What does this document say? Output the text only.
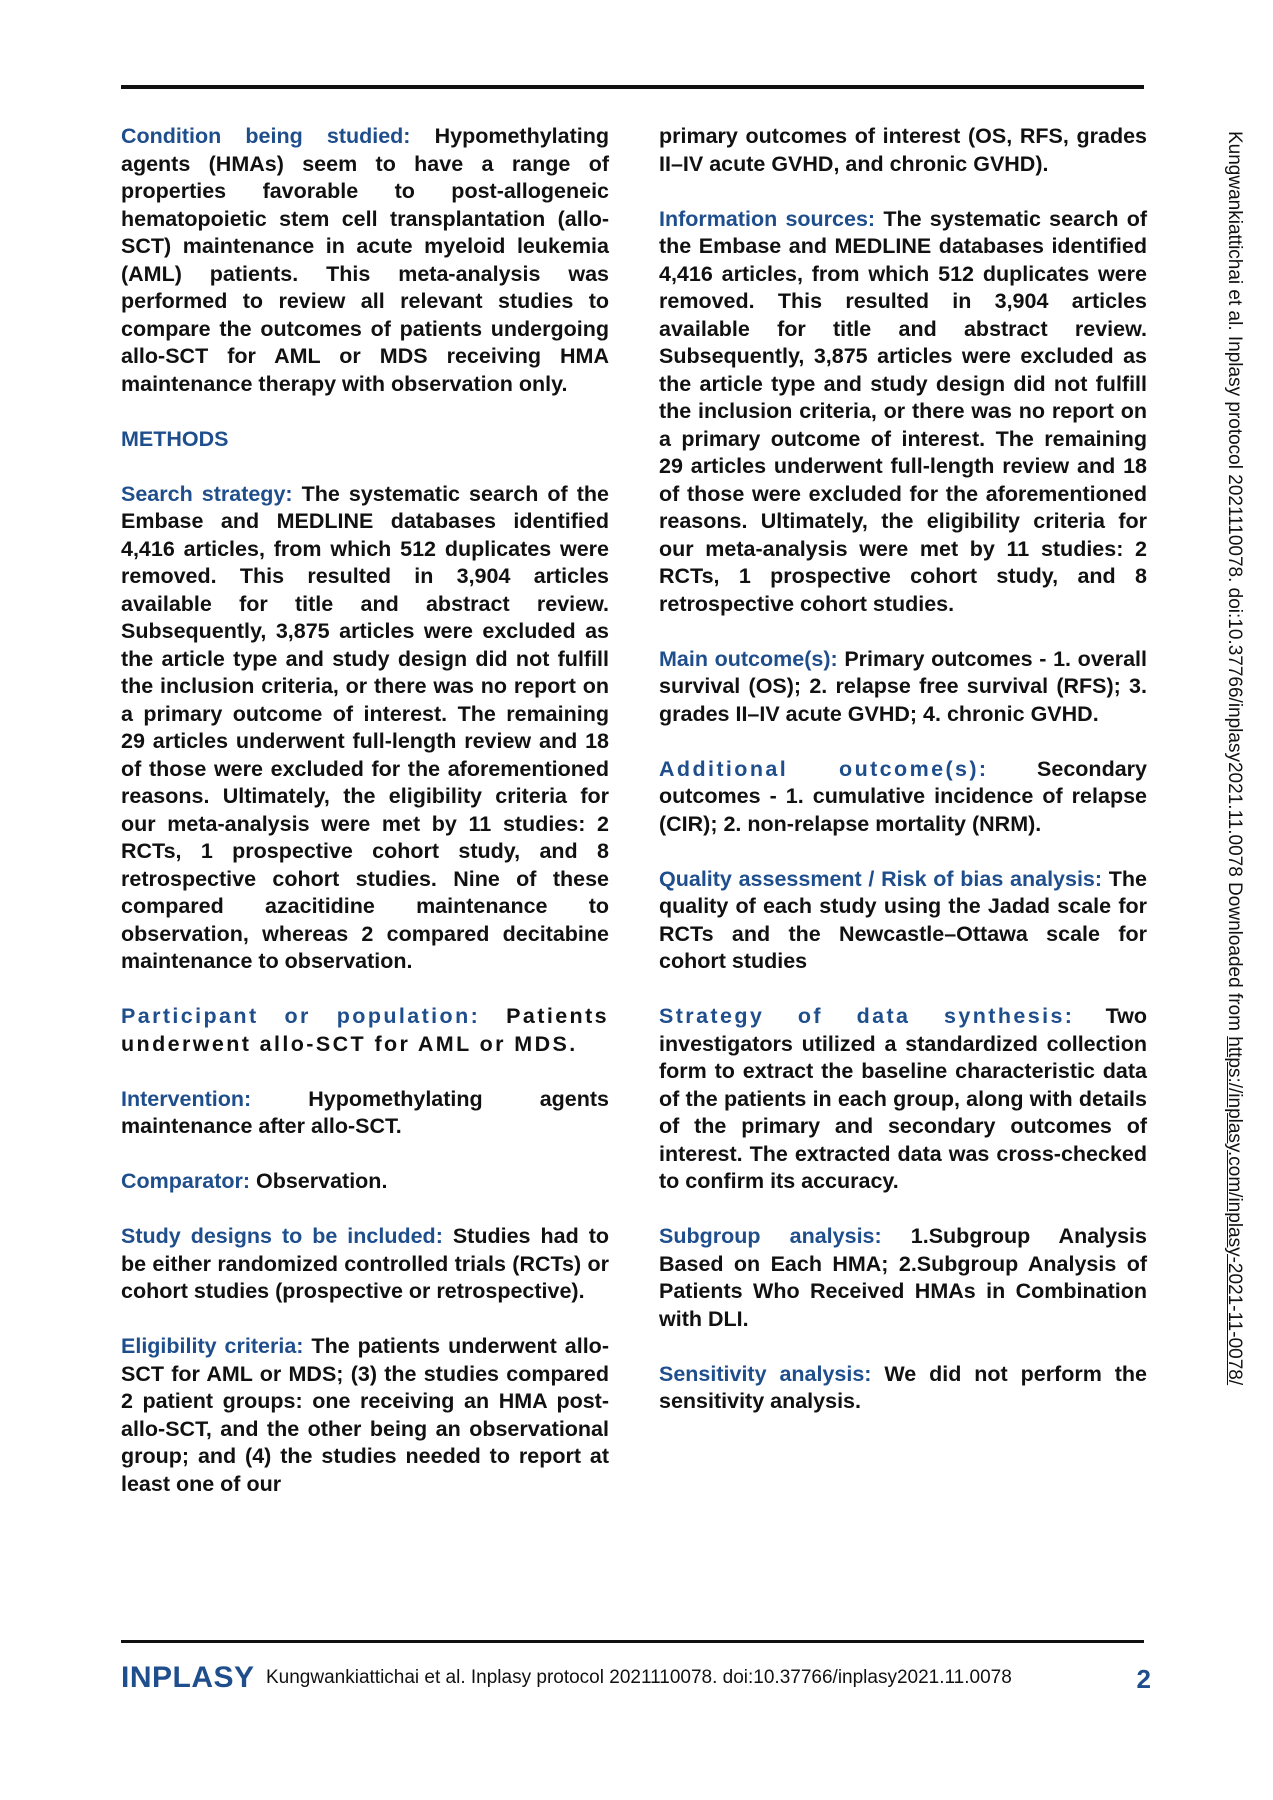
Condition being studied: Hypomethylating agents (HMAs) seem to have a range of properties favorable to post-allogeneic hematopoietic stem cell transplantation (allo-SCT) maintenance in acute myeloid leukemia (AML) patients. This meta-analysis was performed to review all relevant studies to compare the outcomes of patients undergoing allo-SCT for AML or MDS receiving HMA maintenance therapy with observation only.

METHODS

Search strategy: The systematic search of the Embase and MEDLINE databases identified 4,416 articles, from which 512 duplicates were removed. This resulted in 3,904 articles available for title and abstract review. Subsequently, 3,875 articles were excluded as the article type and study design did not fulfill the inclusion criteria, or there was no report on a primary outcome of interest. The remaining 29 articles underwent full-length review and 18 of those were excluded for the aforementioned reasons. Ultimately, the eligibility criteria for our meta-analysis were met by 11 studies: 2 RCTs, 1 prospective cohort study, and 8 retrospective cohort studies. Nine of these compared azacitidine maintenance to observation, whereas 2 compared decitabine maintenance to observation.

Participant or population: Patients underwent allo-SCT for AML or MDS.

Intervention: Hypomethylating agents maintenance after allo-SCT.

Comparator: Observation.

Study designs to be included: Studies had to be either randomized controlled trials (RCTs) or cohort studies (prospective or retrospective).

Eligibility criteria: The patients underwent allo-SCT for AML or MDS; (3) the studies compared 2 patient groups: one receiving an HMA post-allo-SCT, and the other being an observational group; and (4) the studies needed to report at least one of our

primary outcomes of interest (OS, RFS, grades II–IV acute GVHD, and chronic GVHD).

Information sources: The systematic search of the Embase and MEDLINE databases identified 4,416 articles, from which 512 duplicates were removed. This resulted in 3,904 articles available for title and abstract review. Subsequently, 3,875 articles were excluded as the article type and study design did not fulfill the inclusion criteria, or there was no report on a primary outcome of interest. The remaining 29 articles underwent full-length review and 18 of those were excluded for the aforementioned reasons. Ultimately, the eligibility criteria for our meta-analysis were met by 11 studies: 2 RCTs, 1 prospective cohort study, and 8 retrospective cohort studies.

Main outcome(s): Primary outcomes - 1. overall survival (OS); 2. relapse free survival (RFS); 3. grades II–IV acute GVHD; 4. chronic GVHD.

Additional outcome(s): Secondary outcomes - 1. cumulative incidence of relapse (CIR); 2. non-relapse mortality (NRM).

Quality assessment / Risk of bias analysis: The quality of each study using the Jadad scale for RCTs and the Newcastle–Ottawa scale for cohort studies

Strategy of data synthesis: Two investigators utilized a standardized collection form to extract the baseline characteristic data of the patients in each group, along with details of the primary and secondary outcomes of interest. The extracted data was cross-checked to confirm its accuracy.

Subgroup analysis: 1.Subgroup Analysis Based on Each HMA; 2.Subgroup Analysis of Patients Who Received HMAs in Combination with DLI.

Sensitivity analysis: We did not perform the sensitivity analysis.

Kungwankiattichai et al. Inplasy protocol 2021110078. doi:10.37766/inplasy2021.11.0078 Downloaded from https://inplasy.com/inplasy-2021-11-0078/
INPLASY Kungwankiattichai et al. Inplasy protocol 2021110078. doi:10.37766/inplasy2021.11.0078	2
